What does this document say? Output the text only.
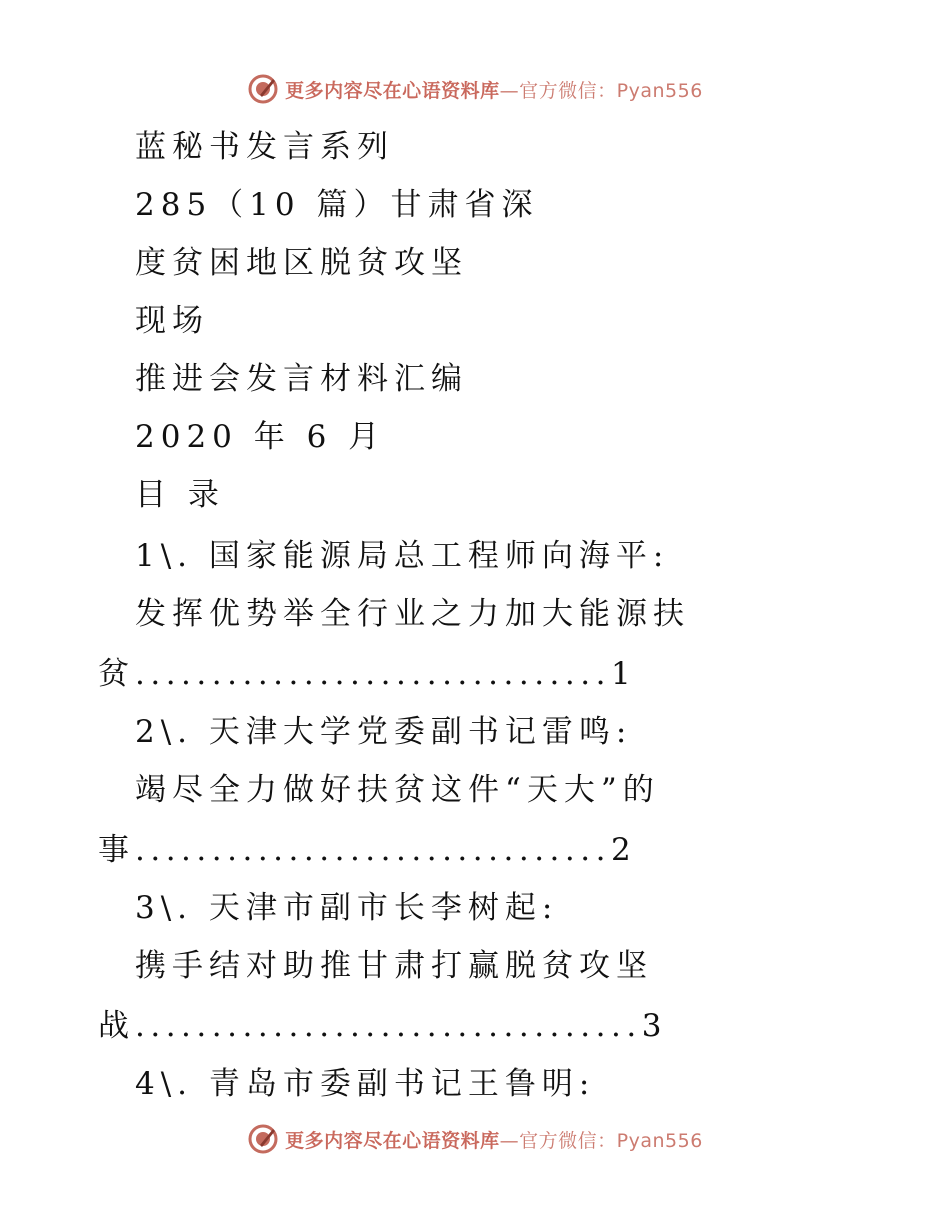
更多内容尽在心语资料库—官方微信：Pyan556
蓝秘书发言系列
285（10 篇）甘肃省深
度贫困地区脱贫攻坚
现场
推进会发言材料汇编
2020 年 6 月
目 录
1\. 国家能源局总工程师向海平:
发挥优势举全行业之力加大能源扶
贫 ............................... 1
2\. 天津大学党委副书记雷鸣:
竭尽全力做好扶贫这件“天大”的
事 ............................... 2
3\. 天津市副市长李树起:
携手结对助推甘肃打赢脱贫攻坚
战 ................................. 3
4\. 青岛市委副书记王鲁明:
更多内容尽在心语资料库—官方微信：Pyan556
